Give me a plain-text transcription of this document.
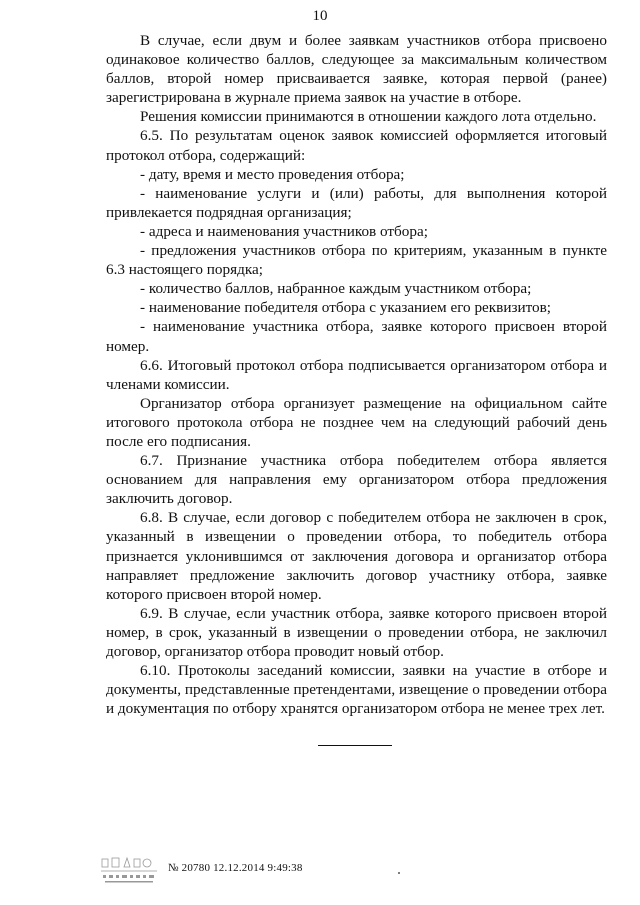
10

В случае, если двум и более заявкам участников отбора присвоено одинаковое количество баллов, следующее за максимальным количеством баллов, второй номер присваивается заявке, которая первой (ранее) зарегистрирована в журнале приема заявок на участие в отборе.

Решения комиссии принимаются в отношении каждого лота отдельно.

6.5. По результатам оценок заявок комиссией оформляется итоговый протокол отбора, содержащий:

- дату, время и место проведения отбора;

- наименование услуги и (или) работы, для выполнения которой привлекается подрядная организация;

- адреса и наименования участников отбора;

- предложения участников отбора по критериям, указанным в пункте 6.3 настоящего порядка;

- количество баллов, набранное каждым участником отбора;

- наименование победителя отбора с указанием его реквизитов;

- наименование участника отбора, заявке которого присвоен второй номер.

6.6. Итоговый протокол отбора подписывается организатором отбора и членами комиссии.

Организатор отбора организует размещение на официальном сайте итогового протокола отбора не позднее чем на следующий рабочий день после его подписания.

6.7. Признание участника отбора победителем отбора является основанием для направления ему организатором отбора предложения заключить договор.

6.8. В случае, если договор с победителем отбора не заключен в срок, указанный в извещении о проведении отбора, то победитель отбора признается уклонившимся от заключения договора и организатор отбора направляет предложение заключить договор участнику отбора, заявке которого присвоен второй номер.

6.9. В случае, если участник отбора, заявке которого присвоен второй номер, в срок, указанный в извещении о проведении отбора, не заключил договор, организатор отбора проводит новый отбор.

6.10. Протоколы заседаний комиссии, заявки на участие в отборе и документы, представленные претендентами, извещение о проведении отбора и документация по отбору хранятся организатором отбора не менее трех лет.

№ 20780 12.12.2014 9:49:38
